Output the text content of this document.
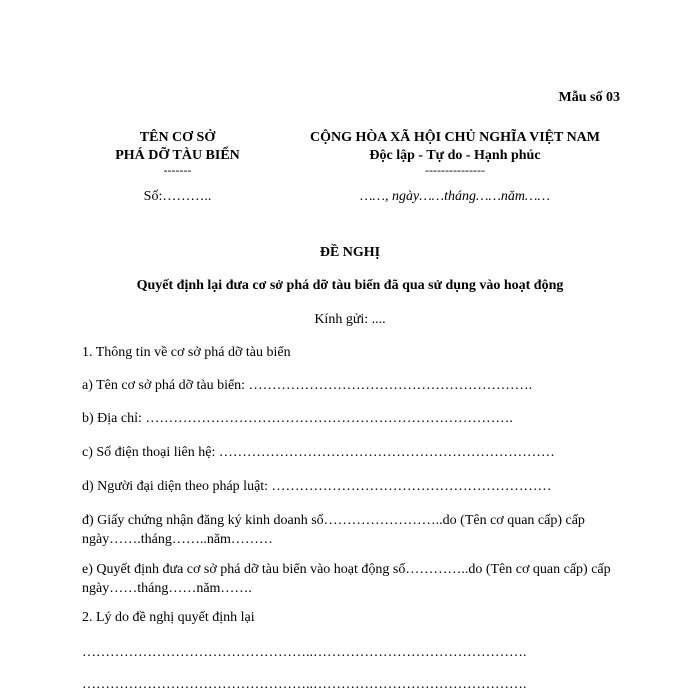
Mẫu số 03
TÊN CƠ SỞ
PHÁ DỠ TÀU BIỂN
-------
CỘNG HÒA XÃ HỘI CHỦ NGHĨA VIỆT NAM
Độc lập - Tự do - Hạnh phúc
---------------
Số:………..	……, ngày……tháng……năm……
ĐỀ NGHỊ
Quyết định lại đưa cơ sở phá dỡ tàu biển đã qua sử dụng vào hoạt động
Kính gửi: ....
1. Thông tin về cơ sở phá dỡ tàu biển
a) Tên cơ sở phá dỡ tàu biển: …………………………………………………….
b) Địa chỉ: …………………………………………………………………….
c) Số điện thoại liên hệ: ………………………………………………………………
d) Người đại diện theo pháp luật: ……………………………………………………
đ) Giấy chứng nhận đăng ký kinh doanh số……………………..do (Tên cơ quan cấp) cấp ngày…….tháng……..năm………
e) Quyết định đưa cơ sở phá dỡ tàu biển vào hoạt động số…………..do (Tên cơ quan cấp) cấp ngày……tháng……năm…….
2. Lý do đề nghị quyết định lại
…………………………………………..……………………………………….
…………………………………………..……………………………………….
